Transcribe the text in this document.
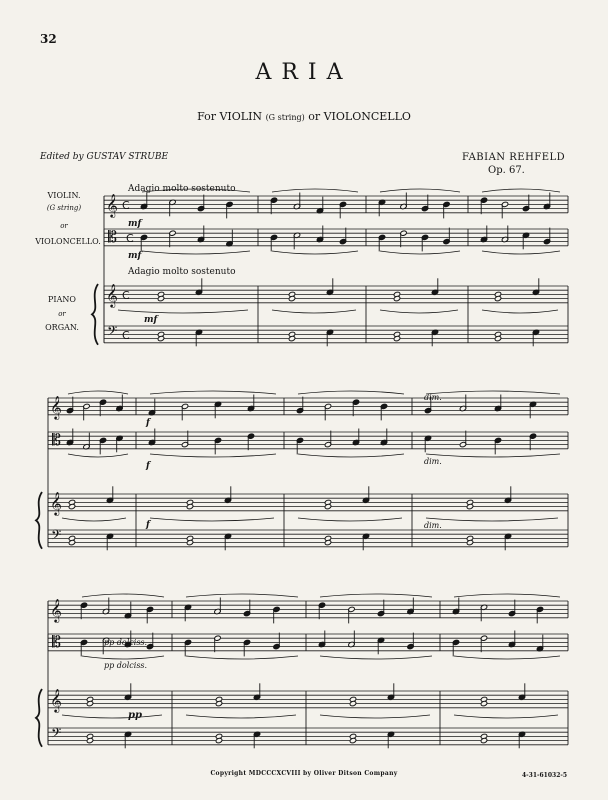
32
ARIA
For VIOLIN (G string) or VIOLONCELLO
Edited by GUSTAV STRUBE	FABIAN REHFELD
Op. 67.
𝄞
𝄡
𝄞
𝄢
C
C
C
C
𝄞
𝄡
𝄞
𝄢
𝄞
𝄡
𝄞
𝄢
VIOLIN.
(G string)
or
VIOLONCELLO.
PIANO
or
ORGAN.
Adagio molto sostenuto
Adagio molto sostenuto
mf
mf
mf
f
f
f
dim.
dim.
dim.
pp dolciss.
pp dolciss.
pp
Copyright MDCCCXCVIII by Oliver Ditson Company	4-31-61032-5
